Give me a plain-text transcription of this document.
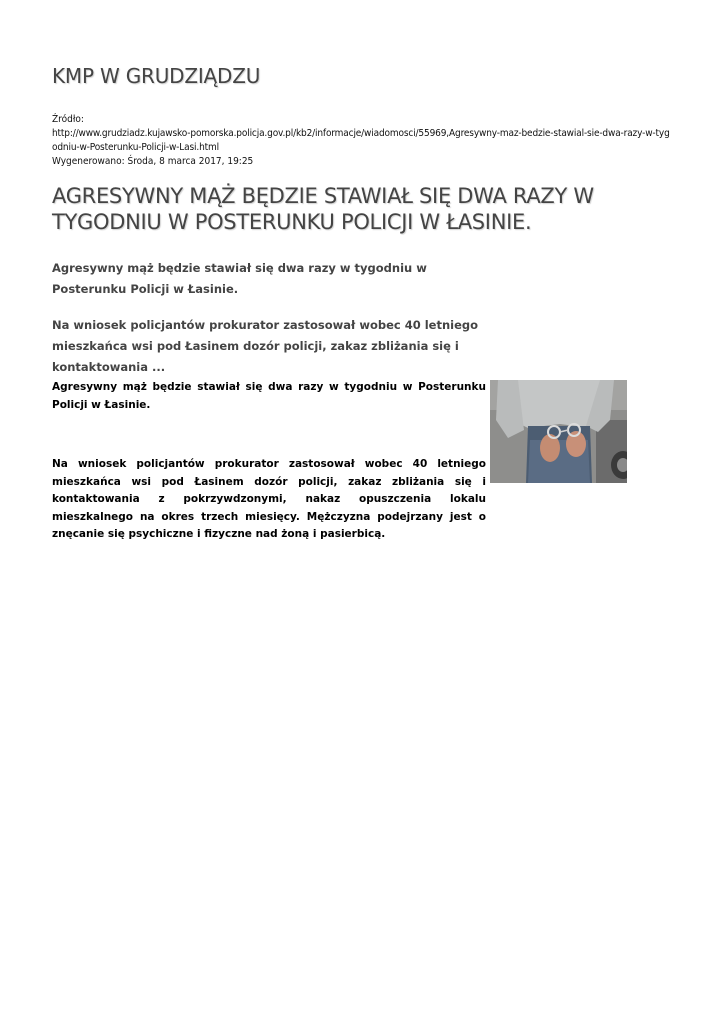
KMP W GRUDZIĄDZU
Źródło:
http://www.grudziadz.kujawsko-pomorska.policja.gov.pl/kb2/informacje/wiadomosci/55969,Agresywny-maz-bedzie-stawial-sie-dwa-razy-w-tygodniu-w-Posterunku-Policji-w-Lasi.html
Wygenerowano: Środa, 8 marca 2017, 19:25
AGRESYWNY MĄŻ BĘDZIE STAWIAŁ SIĘ DWA RAZY W TYGODNIU W POSTERUNKU POLICJI W ŁASINIE.

Agresywny mąż będzie stawiał się dwa razy w tygodniu w Posterunku Policji w Łasinie.

Na wniosek policjantów prokurator zastosował wobec 40 letniego mieszkańca wsi pod Łasinem dozór policji, zakaz zbliżania się i kontaktowania ...

Agresywny mąż będzie stawiał się dwa razy w tygodniu w Posterunku Policji w Łasinie.

Na wniosek policjantów prokurator zastosował wobec 40 letniego mieszkańca wsi pod Łasinem dozór policji, zakaz zbliżania się i kontaktowania z pokrzywdzonymi, nakaz opuszczenia lokalu mieszkalnego na okres trzech miesięcy. Mężczyzna podejrzany jest o znęcanie się psychiczne i fizyczne nad żoną i pasierbicą.
